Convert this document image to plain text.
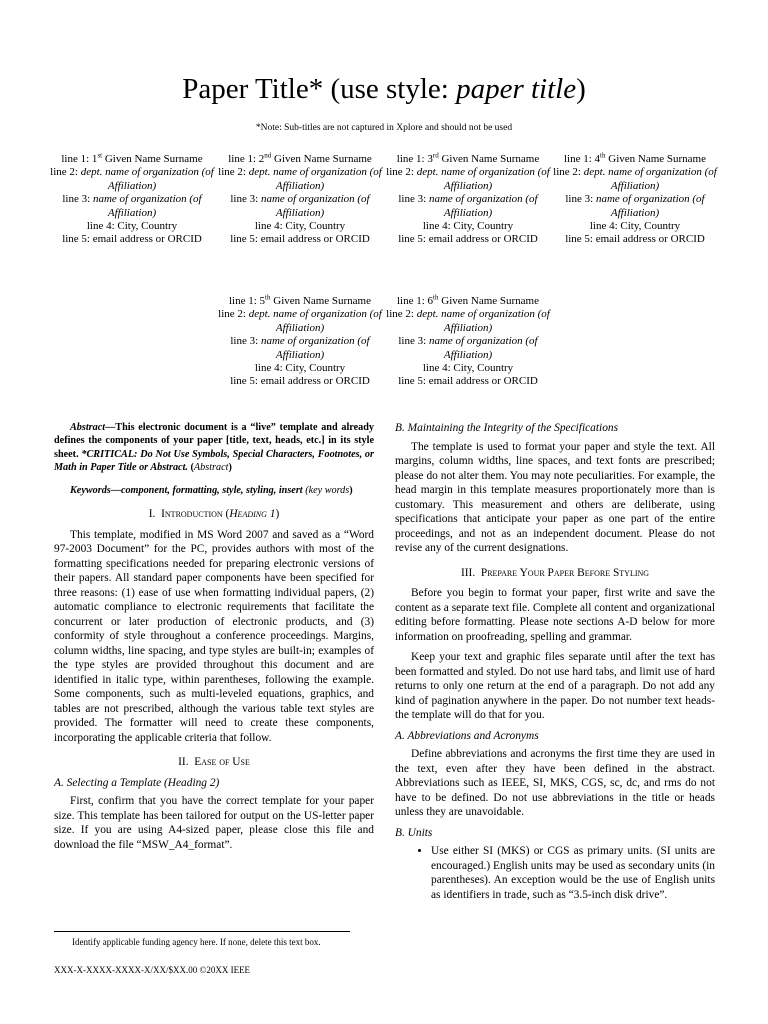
Paper Title* (use style: paper title)
*Note: Sub-titles are not captured in Xplore and should not be used
line 1: 1st Given Name Surname
line 2: dept. name of organization (of Affiliation)
line 3: name of organization (of Affiliation)
line 4: City, Country
line 5: email address or ORCID
line 1: 2nd Given Name Surname
line 2: dept. name of organization (of Affiliation)
line 3: name of organization (of Affiliation)
line 4: City, Country
line 5: email address or ORCID
line 1: 3rd Given Name Surname
line 2: dept. name of organization (of Affiliation)
line 3: name of organization (of Affiliation)
line 4: City, Country
line 5: email address or ORCID
line 1: 4th Given Name Surname
line 2: dept. name of organization (of Affiliation)
line 3: name of organization (of Affiliation)
line 4: City, Country
line 5: email address or ORCID
line 1: 5th Given Name Surname
line 2: dept. name of organization (of Affiliation)
line 3: name of organization (of Affiliation)
line 4: City, Country
line 5: email address or ORCID
line 1: 6th Given Name Surname
line 2: dept. name of organization (of Affiliation)
line 3: name of organization (of Affiliation)
line 4: City, Country
line 5: email address or ORCID

Abstract—This electronic document is a “live” template and already defines the components of your paper [title, text, heads, etc.] in its style sheet. *CRITICAL: Do Not Use Symbols, Special Characters, Footnotes, or Math in Paper Title or Abstract. (Abstract)

Keywords—component, formatting, style, styling, insert (key words)

I. Introduction (Heading 1)

This template, modified in MS Word 2007 and saved as a “Word 97-2003 Document” for the PC, provides authors with most of the formatting specifications needed for preparing electronic versions of their papers. All standard paper components have been specified for three reasons: (1) ease of use when formatting individual papers, (2) automatic compliance to electronic requirements that facilitate the concurrent or later production of electronic products, and (3) conformity of style throughout a conference proceedings. Margins, column widths, line spacing, and type styles are built-in; examples of the type styles are provided throughout this document and are identified in italic type, within parentheses, following the example. Some components, such as multi-leveled equations, graphics, and tables are not prescribed, although the various table text styles are provided. The formatter will need to create these components, incorporating the applicable criteria that follow.

II. Ease of Use
A. Selecting a Template (Heading 2)

First, confirm that you have the correct template for your paper size. This template has been tailored for output on the US-letter paper size. If you are using A4-sized paper, please close this file and download the file “MSW_A4_format”.

B. Maintaining the Integrity of the Specifications

The template is used to format your paper and style the text. All margins, column widths, line spaces, and text fonts are prescribed; please do not alter them. You may note peculiarities. For example, the head margin in this template measures proportionately more than is customary. This measurement and others are deliberate, using specifications that anticipate your paper as one part of the entire proceedings, and not as an independent document. Please do not revise any of the current designations.

III. Prepare Your Paper Before Styling

Before you begin to format your paper, first write and save the content as a separate text file. Complete all content and organizational editing before formatting. Please note sections A-D below for more information on proofreading, spelling and grammar.

Keep your text and graphic files separate until after the text has been formatted and styled. Do not use hard tabs, and limit use of hard returns to only one return at the end of a paragraph. Do not add any kind of pagination anywhere in the paper. Do not number text heads-the template will do that for you.

A. Abbreviations and Acronyms

Define abbreviations and acronyms the first time they are used in the text, even after they have been defined in the abstract. Abbreviations such as IEEE, SI, MKS, CGS, sc, dc, and rms do not have to be defined. Do not use abbreviations in the title or heads unless they are unavoidable.

B. Units
• Use either SI (MKS) or CGS as primary units. (SI units are encouraged.) English units may be used as secondary units (in parentheses). An exception would be the use of English units as identifiers in trade, such as “3.5-inch disk drive”.
Identify applicable funding agency here. If none, delete this text box.
XXX-X-XXXX-XXXX-X/XX/$XX.00 ©20XX IEEE
